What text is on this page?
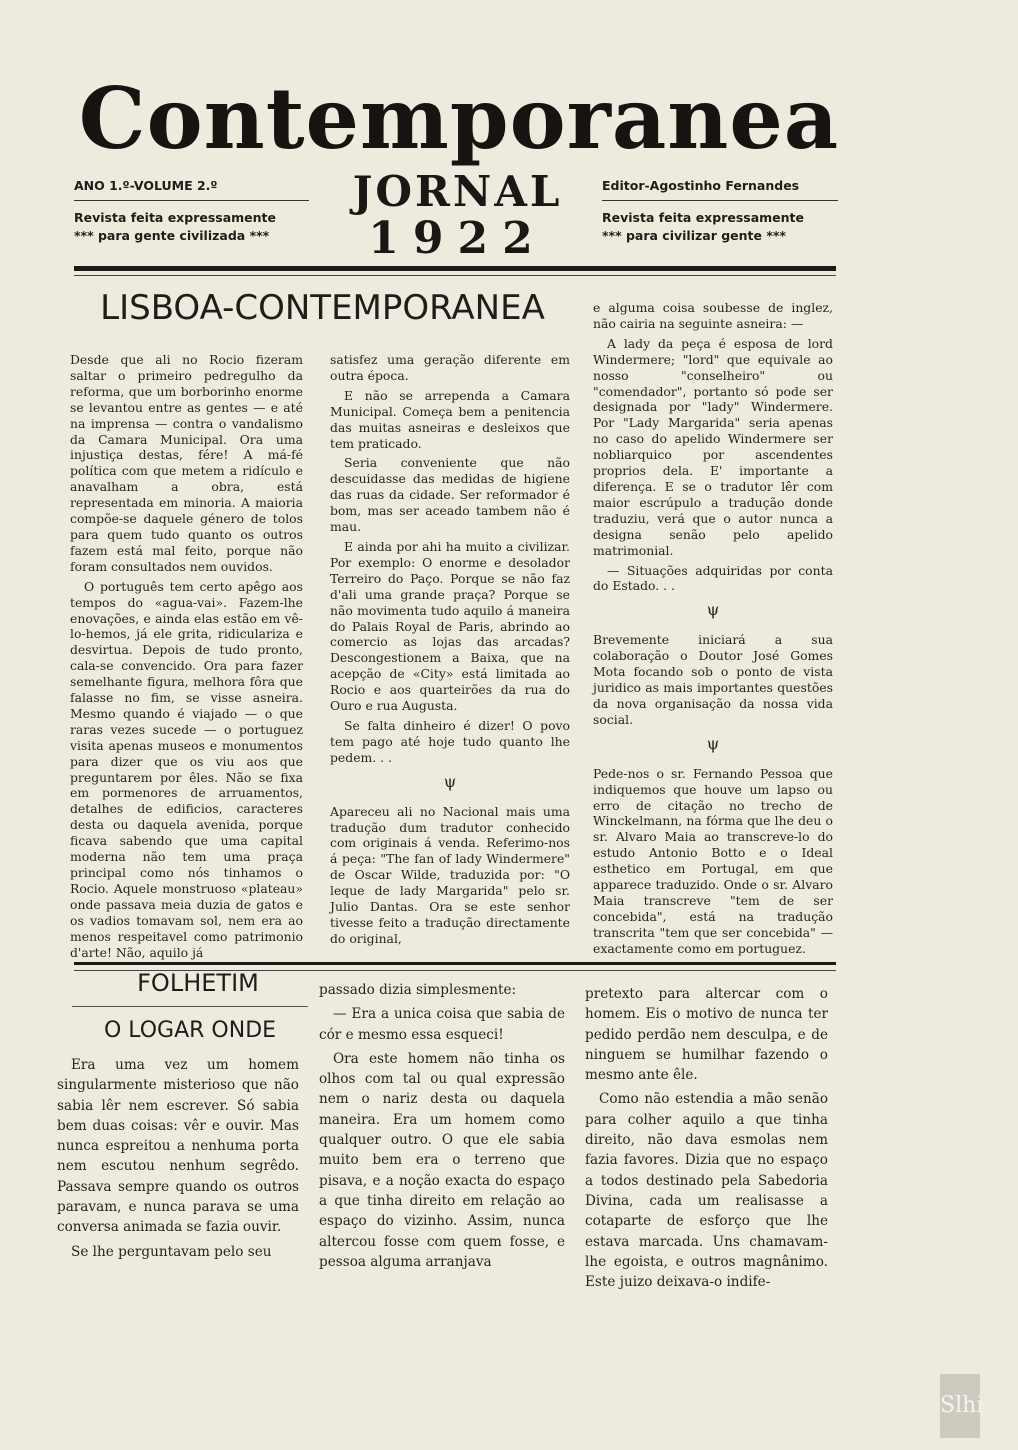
Contemporanea
ANO 1.º-VOLUME 2.º
Revista feita expressamente
*** para gente civilizada ***
JORNAL
1922
Editor-Agostinho Fernandes
Revista feita expressamente
*** para civilizar gente ***
LISBOA-CONTEMPORANEA

Desde que ali no Rocio fizeram saltar o primeiro pedregulho da reforma, que um borborinho enorme se levantou entre as gentes — e até na imprensa — contra o vandalismo da Camara Municipal. Ora uma injustiça destas, fére! A má-fé política com que metem a ridículo e anavalham a obra, está representada em minoria. A maioria compõe-se daquele género de tolos para quem tudo quanto os outros fazem está mal feito, porque não foram consultados nem ouvidos.

O português tem certo apêgo aos tempos do «agua-vai». Fazem-lhe enovações, e ainda elas estão em vê-lo-hemos, já ele grita, ridiculariza e desvirtua. Depois de tudo pronto, cala-se convencido. Ora para fazer semelhante figura, melhora fôra que falasse no fim, se visse asneira. Mesmo quando é viajado — o que raras vezes sucede — o portuguez visita apenas museos e monumentos para dizer que os viu aos que preguntarem por êles. Não se fixa em pormenores de arruamentos, detalhes de edificios, caracteres desta ou daquela avenida, porque ficava sabendo que uma capital moderna não tem uma praça principal como nós tinhamos o Rocio. Aquele monstruoso «plateau» onde passava meia duzia de gatos e os vadios tomavam sol, nem era ao menos respeitavel como patrimonio d'arte! Não, aquilo já

satisfez uma geração diferente em outra época.

E não se arrependa a Camara Municipal. Começa bem a penitencia das muitas asneiras e desleixos que tem praticado.

Seria conveniente que não descuidasse das medidas de higiene das ruas da cidade. Ser reformador é bom, mas ser aceado tambem não é mau.

E ainda por ahi ha muito a civilizar. Por exemplo: O enorme e desolador Terreiro do Paço. Porque se não faz d'ali uma grande praça? Porque se não movimenta tudo aquilo á maneira do Palais Royal de Paris, abrindo ao comercio as lojas das arcadas? Descongestionem a Baixa, que na acepção de «City» está limitada ao Rocio e aos quarteirões da rua do Ouro e rua Augusta.

Se falta dinheiro é dizer! O povo tem pago até hoje tudo quanto lhe pedem. . .

ψ

Apareceu ali no Nacional mais uma tradução dum tradutor conhecido com originais á venda. Referimo-nos á peça: "The fan of lady Windermere" de Oscar Wilde, traduzida por: "O leque de lady Margarida" pelo sr. Julio Dantas. Ora se este senhor tivesse feito a tradução directamente do original,

e alguma coisa soubesse de inglez, não cairia na seguinte asneira: —

A lady da peça é esposa de lord Windermere; "lord" que equivale ao nosso "conselheiro" ou "comendador", portanto só pode ser designada por "lady" Windermere. Por "Lady Margarida" seria apenas no caso do apelido Windermere ser nobliarquico por ascendentes proprios dela. E' importante a diferença. E se o tradutor lêr com maior escrúpulo a tradução donde traduziu, verá que o autor nunca a designa senão pelo apelido matrimonial.

— Situações adquiridas por conta do Estado. . .

ψ

Brevemente iniciará a sua colaboração o Doutor José Gomes Mota focando sob o ponto de vista juridico as mais importantes questões da nova organisação da nossa vida social.

ψ

Pede-nos o sr. Fernando Pessoa que indiquemos que houve um lapso ou erro de citação no trecho de Winckelmann, na fórma que lhe deu o sr. Alvaro Maia ao transcreve-lo do estudo Antonio Botto e o Ideal esthetico em Portugal, em que apparece traduzido. Onde o sr. Alvaro Maia transcreve "tem de ser concebida", está na tradução transcrita "tem que ser concebida" —exactamente como em portuguez.

FOLHETIM
O LOGAR ONDE

Era uma vez um homem singularmente misterioso que não sabia lêr nem escrever. Só sabia bem duas coisas: vêr e ouvir. Mas nunca espreitou a nenhuma porta nem escutou nenhum segrêdo. Passava sempre quando os outros paravam, e nunca parava se uma conversa animada se fazia ouvir.

Se lhe perguntavam pelo seu

passado dizia simplesmente:

— Era a unica coisa que sabia de cór e mesmo essa esqueci!

Ora este homem não tinha os olhos com tal ou qual expressão nem o nariz desta ou daquela maneira. Era um homem como qualquer outro. O que ele sabia muito bem era o terreno que pisava, e a noção exacta do espaço a que tinha direito em relação ao espaço do vizinho. Assim, nunca altercou fosse com quem fosse, e pessoa alguma arranjava

pretexto para altercar com o homem. Eis o motivo de nunca ter pedido perdão nem desculpa, e de ninguem se humilhar fazendo o mesmo ante êle.

Como não estendia a mão senão para colher aquilo a que tinha direito, não dava esmolas nem fazia favores. Dizia que no espaço a todos destinado pela Sabedoria Divina, cada um realisasse a cotaparte de esforço que lhe estava marcada. Uns chamavam-lhe egoista, e outros magnânimo. Este juizo deixava-o indife-

Slhi
